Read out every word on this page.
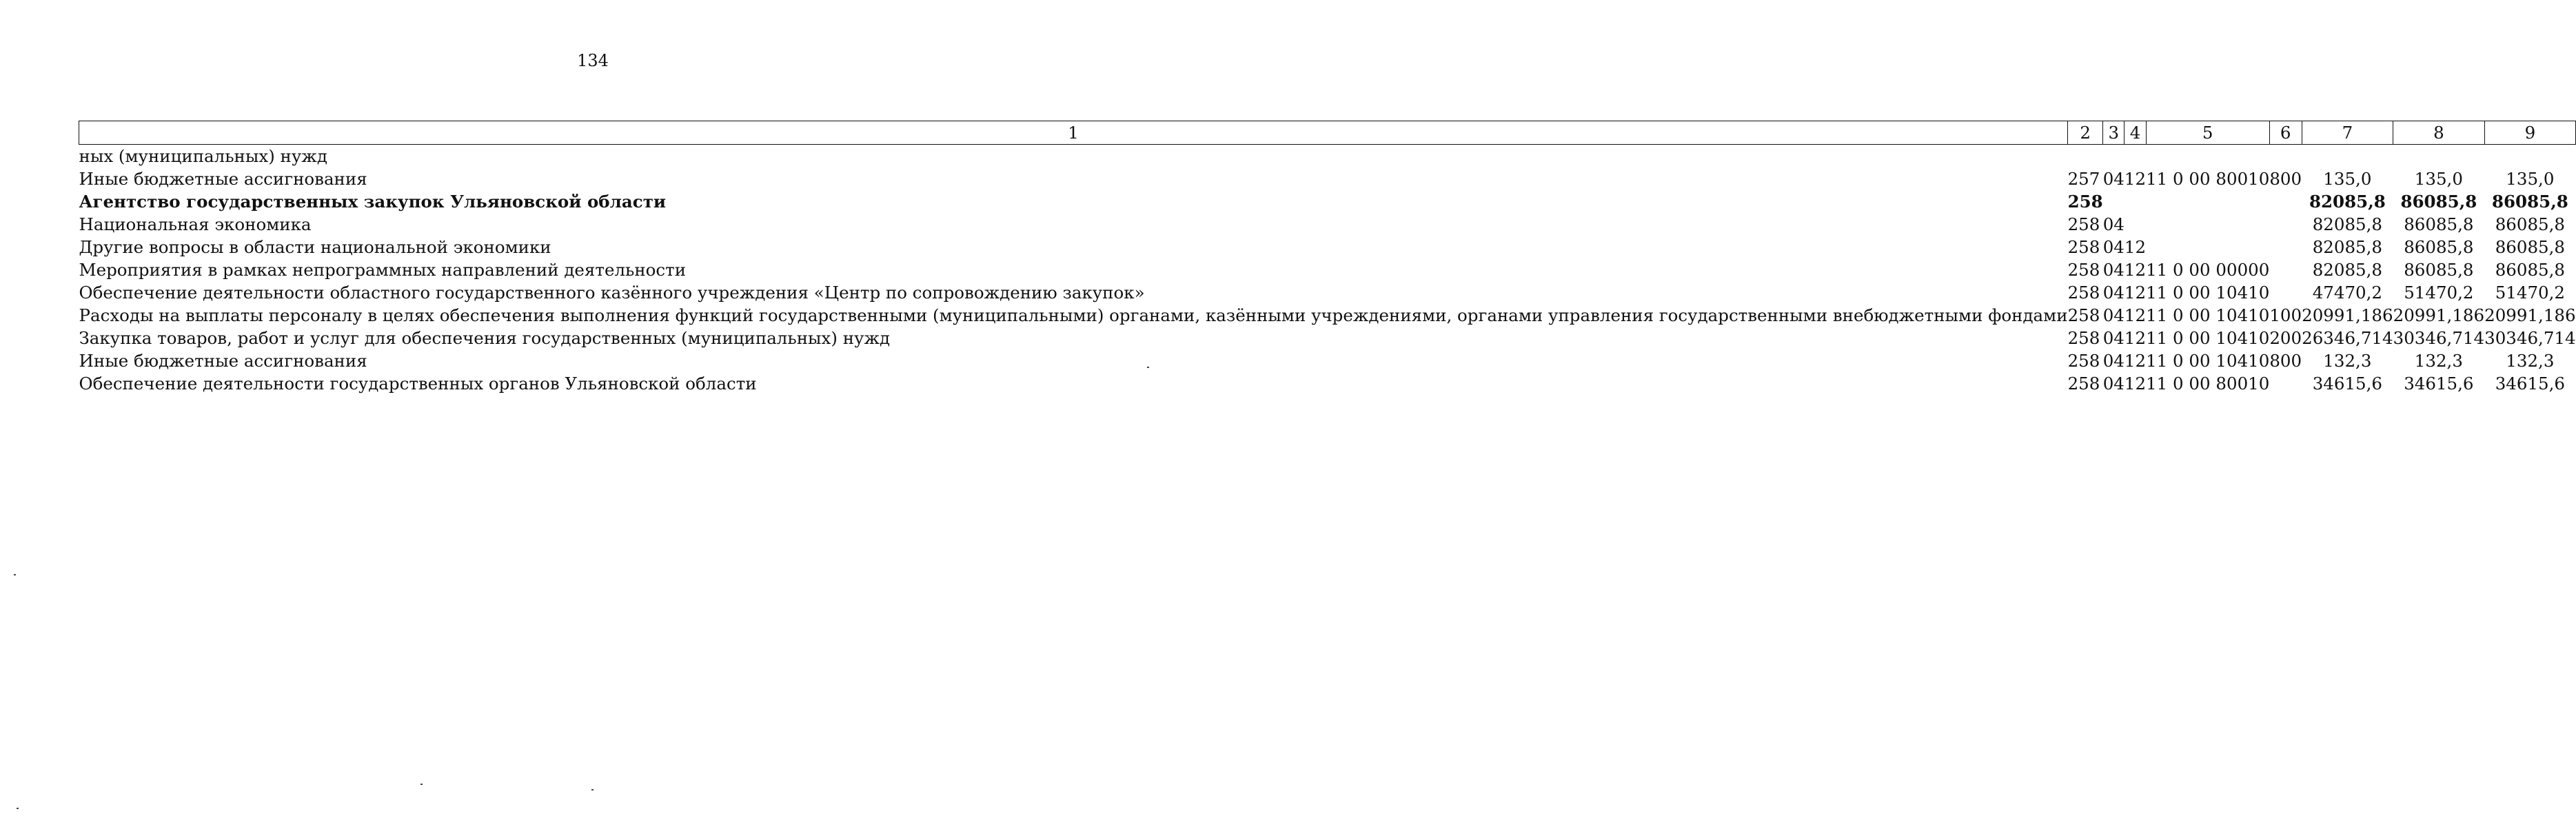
134
1	2	3	4	5	6	7	8	9
ных (муниципальных) нужд								
Иные бюджетные ассигнования	257	04	12	11 0 00 80010	800	135,0	135,0	135,0
Агентство государственных закупок Ульяновской области	258					82085,8	86085,8	86085,8
Национальная экономика	258	04				82085,8	86085,8	86085,8
Другие вопросы в области национальной экономики	258	04	12			82085,8	86085,8	86085,8
Мероприятия в рамках непрограммных направлений деятельности	258	04	12	11 0 00 00000		82085,8	86085,8	86085,8
Обеспечение деятельности областного государственного казённого учреждения «Центр по сопровождению закупок»	258	04	12	11 0 00 10410		47470,2	51470,2	51470,2
Расходы на выплаты персоналу в целях обеспечения выполнения функций государственными (муниципальными) органами, казёнными учреждениями, органами управления государственными внебюджетными фондами	258	04	12	11 0 00 10410	100	20991,186	20991,186	20991,186
Закупка товаров, работ и услуг для обеспечения государственных (муниципальных) нужд	258	04	12	11 0 00 10410	200	26346,714	30346,714	30346,714
Иные бюджетные ассигнования	258	04	12	11 0 00 10410	800	132,3	132,3	132,3
Обеспечение деятельности государственных органов Ульяновской области	258	04	12	11 0 00 80010		34615,6	34615,6	34615,6
